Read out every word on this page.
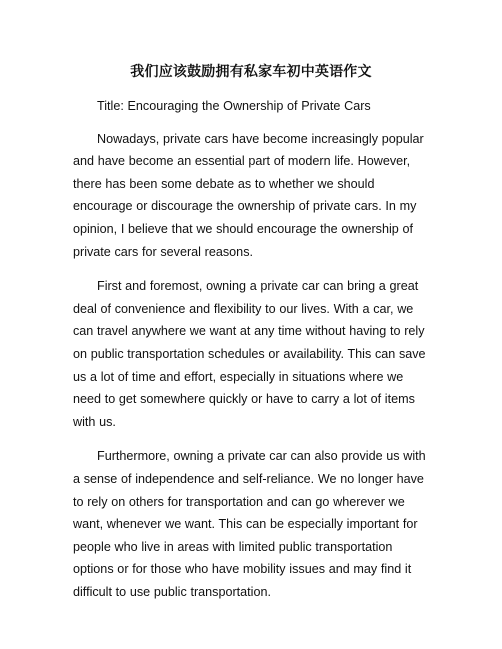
我们应该鼓励拥有私家车初中英语作文

Title: Encouraging the Ownership of Private Cars

Nowadays, private cars have become increasingly popular and have become an essential part of modern life. However, there has been some debate as to whether we should encourage or discourage the ownership of private cars. In my opinion, I believe that we should encourage the ownership of private cars for several reasons.

First and foremost, owning a private car can bring a great deal of convenience and flexibility to our lives. With a car, we can travel anywhere we want at any time without having to rely on public transportation schedules or availability. This can save us a lot of time and effort, especially in situations where we need to get somewhere quickly or have to carry a lot of items with us.

Furthermore, owning a private car can also provide us with a sense of independence and self-reliance. We no longer have to rely on others for transportation and can go wherever we want, whenever we want. This can be especially important for people who live in areas with limited public transportation options or for those who have mobility issues and may find it difficult to use public transportation.
